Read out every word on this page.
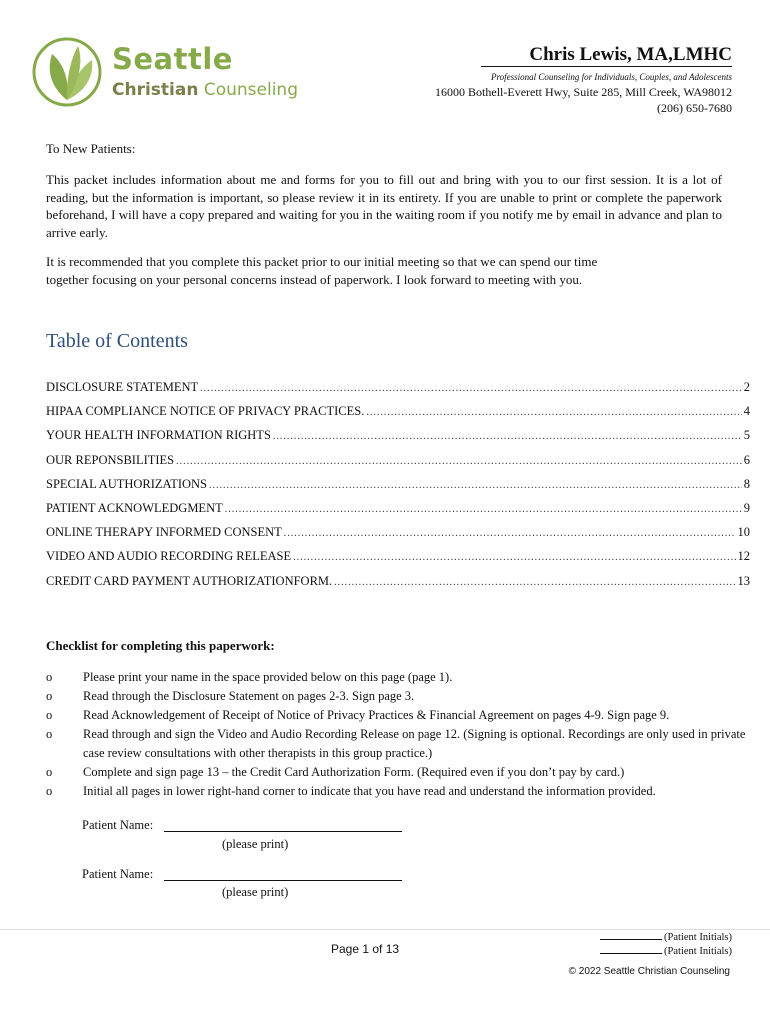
Seattle
Christian Counseling
Chris Lewis, MA,LMHC
Professional Counseling for Individuals, Couples, and Adolescents
16000 Bothell-Everett Hwy, Suite 285, Mill Creek, WA98012
(206) 650-7680
To New Patients:
This packet includes information about me and forms for you to fill out and bring with you to our first session. It is a lot of reading, but the information is important, so please review it in its entirety. If you are unable to print or complete the paperwork beforehand, I will have a copy prepared and waiting for you in the waiting room if you notify me by email in advance and plan to arrive early.
It is recommended that you complete this packet prior to our initial meeting so that we can spend our time
together focusing on your personal concerns instead of paperwork. I look forward to meeting with you.
Table of Contents
DISCLOSURE STATEMENT .....	2
HIPAA COMPLIANCE NOTICE OF PRIVACY PRACTICES. .....	4
YOUR HEALTH INFORMATION RIGHTS .....	5
OUR REPONSBILITIES .....	6
SPECIAL AUTHORIZATIONS .....	8
PATIENT ACKNOWLEDGMENT .....	9
ONLINE THERAPY INFORMED CONSENT .....	10
VIDEO AND AUDIO RECORDING RELEASE .....	12
CREDIT CARD PAYMENT AUTHORIZATIONFORM. .....	13
Checklist for completing this paperwork:
o Please print your name in the space provided below on this page (page 1).
o Read through the Disclosure Statement on pages 2-3. Sign page 3.
o Read Acknowledgement of Receipt of Notice of Privacy Practices & Financial Agreement on pages 4-9. Sign page 9.
o Read through and sign the Video and Audio Recording Release on page 12. (Signing is optional. Recordings are only used in private case review consultations with other therapists in this group practice.)
o Complete and sign page 13 – the Credit Card Authorization Form. (Required even if you don’t pay by card.)
o Initial all pages in lower right-hand corner to indicate that you have read and understand the information provided.
Patient Name:
(please print)
Patient Name:
(please print)
Page 1 of 13
(Patient Initials)
(Patient Initials)
© 2022 Seattle Christian Counseling
